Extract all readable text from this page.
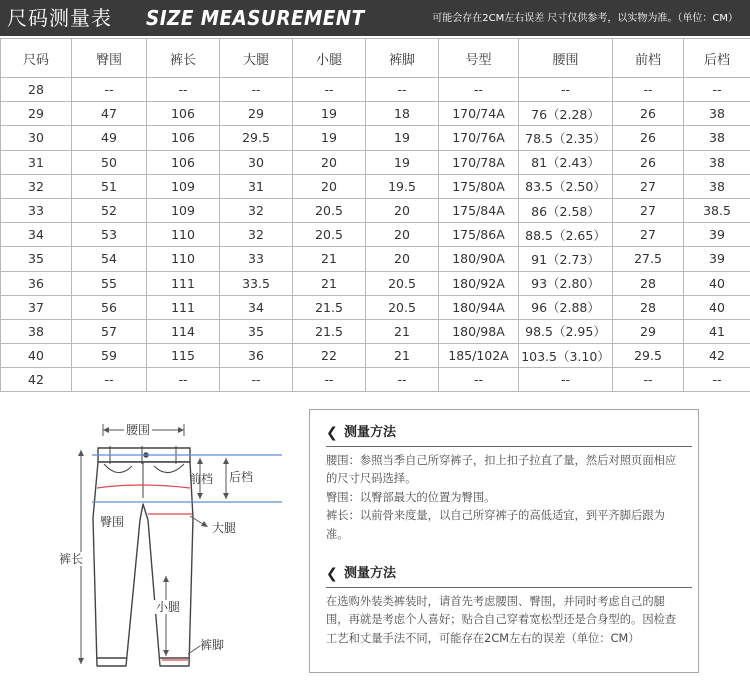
尺码测量表 SIZE MEASUREMENT	可能会存在2CM左右误差 尺寸仅供参考，以实物为准。（单位：CM）
尺码	臀围	裤长	大腿	小腿	裤脚	号型	腰围	前档	后档
28	--	--	--	--	--	--	--	--	--
29	47	106	29	19	18	170/74A	76（2.28）	26	38
30	49	106	29.5	19	19	170/76A	78.5（2.35）	26	38
31	50	106	30	20	19	170/78A	81（2.43）	26	38
32	51	109	31	20	19.5	175/80A	83.5（2.50）	27	38
33	52	109	32	20.5	20	175/84A	86（2.58）	27	38.5
34	53	110	32	20.5	20	175/86A	88.5（2.65）	27	39
35	54	110	33	21	20	180/90A	91（2.73）	27.5	39
36	55	111	33.5	21	20.5	180/92A	93（2.80）	28	40
37	56	111	34	21.5	20.5	180/94A	96（2.88）	28	40
38	57	114	35	21.5	21	180/98A	98.5（2.95）	29	41
40	59	115	36	22	21	185/102A	103.5（3.10）	29.5	42
42	--	--	--	--	--	--	--	--	--
腰围
前档 后档
臀围	大腿
裤长
小腿
裤脚
❮ 测量方法

腰围：参照当季自己所穿裤子，扣上扣子拉直了量，然后对照页面相应的尺寸尺码选择。

臀围：以臀部最大的位置为臀围。

裤长：以前骨来度量，以自己所穿裤子的高低适宜，到平齐脚后跟为准。

❮ 测量方法

在选购外装类裤装时，请首先考虑腰围、臀围，并同时考虑自己的腿围，再就是考虑个人喜好；贴合自己穿着宽松型还是合身型的。因检查工艺和丈量手法不同，可能存在2CM左右的误差（单位：CM）
